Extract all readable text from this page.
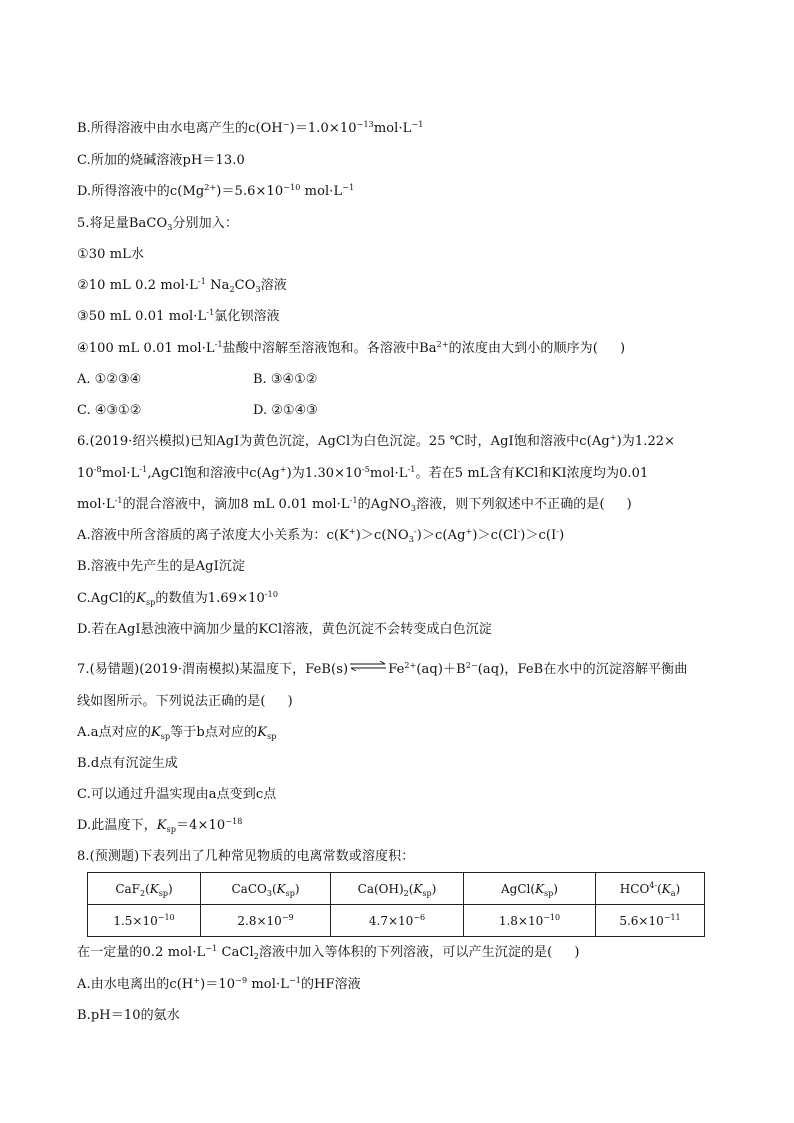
B.所得溶液中由水电离产生的$c(OH^-)=1.0\times 10^{-13}mol\cdot L^{-1}$
C.所加的烧碱溶液pH＝13.0
D.所得溶液中的$c(Mg^{2+})=5.6\times 10^{-10}$ $mol\cdot L^{-1}$
5.将足量BaCO$_3$分别加入：
①30 mL水
②10 mL 0.2 $mol\cdot L^{-1}$ $Na_2CO_3$溶液
③50 mL 0.01 $mol\cdot L^{-1}$氯化钡溶液
④100 mL 0.01 $mol\cdot L^{-1}$盐酸中溶解至溶液饱和。各溶液中$Ba^{2+}$的浓度由大到小的顺序为( )
A. ①②③④	B. ③④①②
C. ④③①②	D. ②①④③
6.(2019·绍兴模拟)已知AgI为黄色沉淀，AgCl为白色沉淀。25 ℃时，AgI饱和溶液中c(Ag+)为1.22×
$10^{-8}mol\cdot L^{-1},AgCl$饱和溶液中c(Ag+)为$1.30\times 10^{-5}mol\cdot L^{-1}$。若在5 mL含有KCl和KI浓度均为0.01
$mol\cdot L^{-1}$的混合溶液中，滴加8 mL 0.01 $mol\cdot L^{-1}$的AgNO$_3$溶液，则下列叙述中不正确的是( )
A.溶液中所含溶质的离子浓度大小关系为：$c(K^+)>c(NO_3^-)>c(Ag^+)>c(Cl^-)>c(I^-)$
B.溶液中先产生的是AgI沉淀
C.AgCl的$K_{sp}$的数值为$1.69\times 10^{-10}$
D.若在AgI悬浊液中滴加少量的KCl溶液，黄色沉淀不会转变成白色沉淀
7.(易错题)(2019·渭南模拟)某温度下，$FeB(s)\rightleftharpoons Fe^{2+}(aq)+B^{2-}(aq)$，FeB在水中的沉淀溶解平衡曲
线如图所示。下列说法正确的是( )
A.a点对应的$K_{sp}$等于b点对应的$K_{sp}$
B.d点有沉淀生成
C.可以通过升温实现由a点变到c点
D.此温度下，$K_{sp}=4\times 10^{-18}$
8.(预测题)下表列出了几种常见物质的电离常数或溶度积：
$CaF_2(K_{sp})$	$CaCO_3(K_{sp})$	$Ca(OH)_2(K_{sp})$	$AgCl(K_{sp})$	$HCO^{4-}(K_a)$
$1.5\times 10^{-10}$	$2.8\times 10^{-9}$	$4.7\times 10^{-6}$	$1.8\times 10^{-10}$	$5.6\times 10^{-11}$
在一定量的0.2 $mol\cdot L^{-1}$ CaCl$_2$溶液中加入等体积的下列溶液，可以产生沉淀的是( )
A.由水电离出的$c(H^+)=10^{-9}$ $mol\cdot L^{-1}$的HF溶液
B.pH＝10的氨水
